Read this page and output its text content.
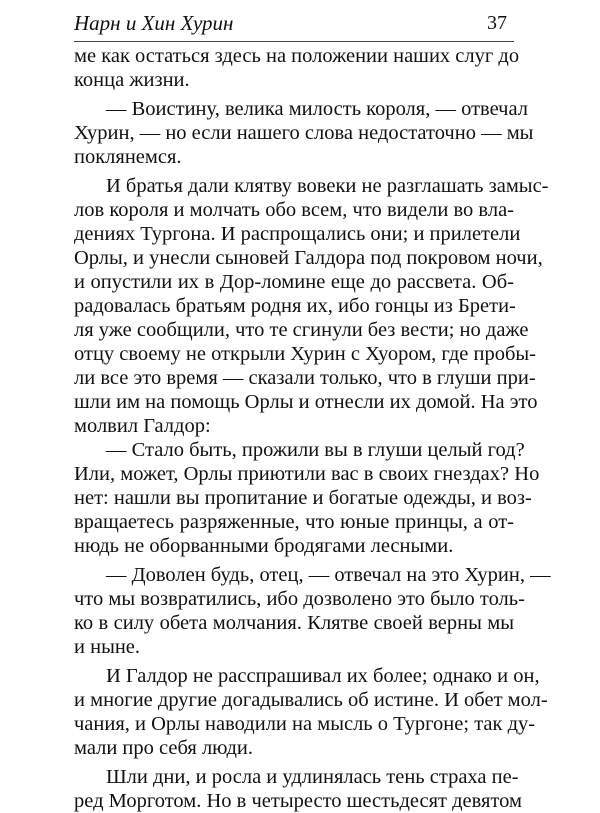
Нарн и Хин Хурин	37
ме как остаться здесь на положении наших слуг до
конца жизни.
— Воистину, велика милость короля, — отвечал
Хурин, — но если нашего слова недостаточно — мы
поклянемся.
И братья дали клятву вовеки не разглашать замыс-
лов короля и молчать обо всем, что видели во вла-
дениях Тургона. И распрощались они; и прилетели
Орлы, и унесли сыновей Галдора под покровом ночи,
и опустили их в Дор-ломине еще до рассвета. Об-
радовалась братьям родня их, ибо гонцы из Брети-
ля уже сообщили, что те сгинули без вести; но даже
отцу своему не открыли Хурин с Хуором, где пробы-
ли все это время — сказали только, что в глуши при-
шли им на помощь Орлы и отнесли их домой. На это
молвил Галдор:
— Стало быть, прожили вы в глуши целый год?
Или, может, Орлы приютили вас в своих гнездах? Но
нет: нашли вы пропитание и богатые одежды, и воз-
вращаетесь разряженные, что юные принцы, а от-
нюдь не оборванными бродягами лесными.
— Доволен будь, отец, — отвечал на это Хурин, —
что мы возвратились, ибо дозволено это было толь-
ко в силу обета молчания. Клятве своей верны мы
и ныне.
И Галдор не расспрашивал их более; однако и он,
и многие другие догадывались об истине. И обет мол-
чания, и Орлы наводили на мысль о Тургоне; так ду-
мали про себя люди.
Шли дни, и росла и удлинялась тень страха пе-
ред Морготом. Но в четыресто шестьдесят девятом
